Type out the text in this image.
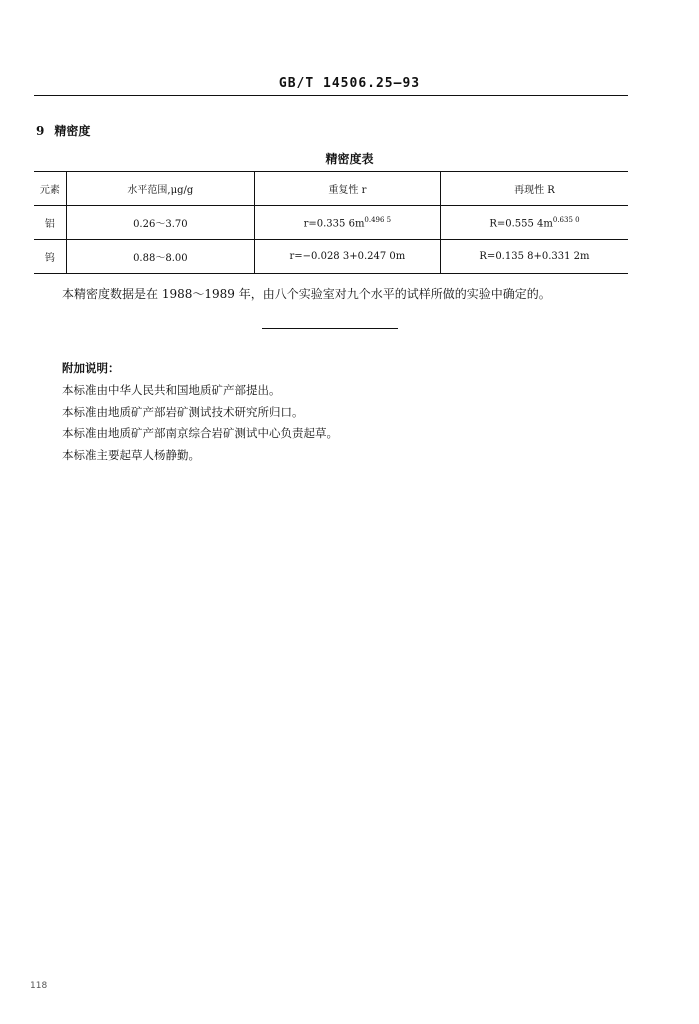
GB/T 14506.25—93
9 精密度
精密度表
元素	水平范围,μg/g	重复性 r	再现性 R
铝	0.26～3.70	r=0.335 $6m^{0.496 5}$	R=0.555 $4m^{0.635 0}$
钨	0.88～8.00	r=−0.028 3+0.247 0m	R=0.135 8+0.331 2m
本精密度数据是在 1988～1989 年，由八个实验室对九个水平的试样所做的实验中确定的。
附加说明：
本标准由中华人民共和国地质矿产部提出。
本标准由地质矿产部岩矿测试技术研究所归口。
本标准由地质矿产部南京综合岩矿测试中心负责起草。
本标准主要起草人杨静勤。
118
